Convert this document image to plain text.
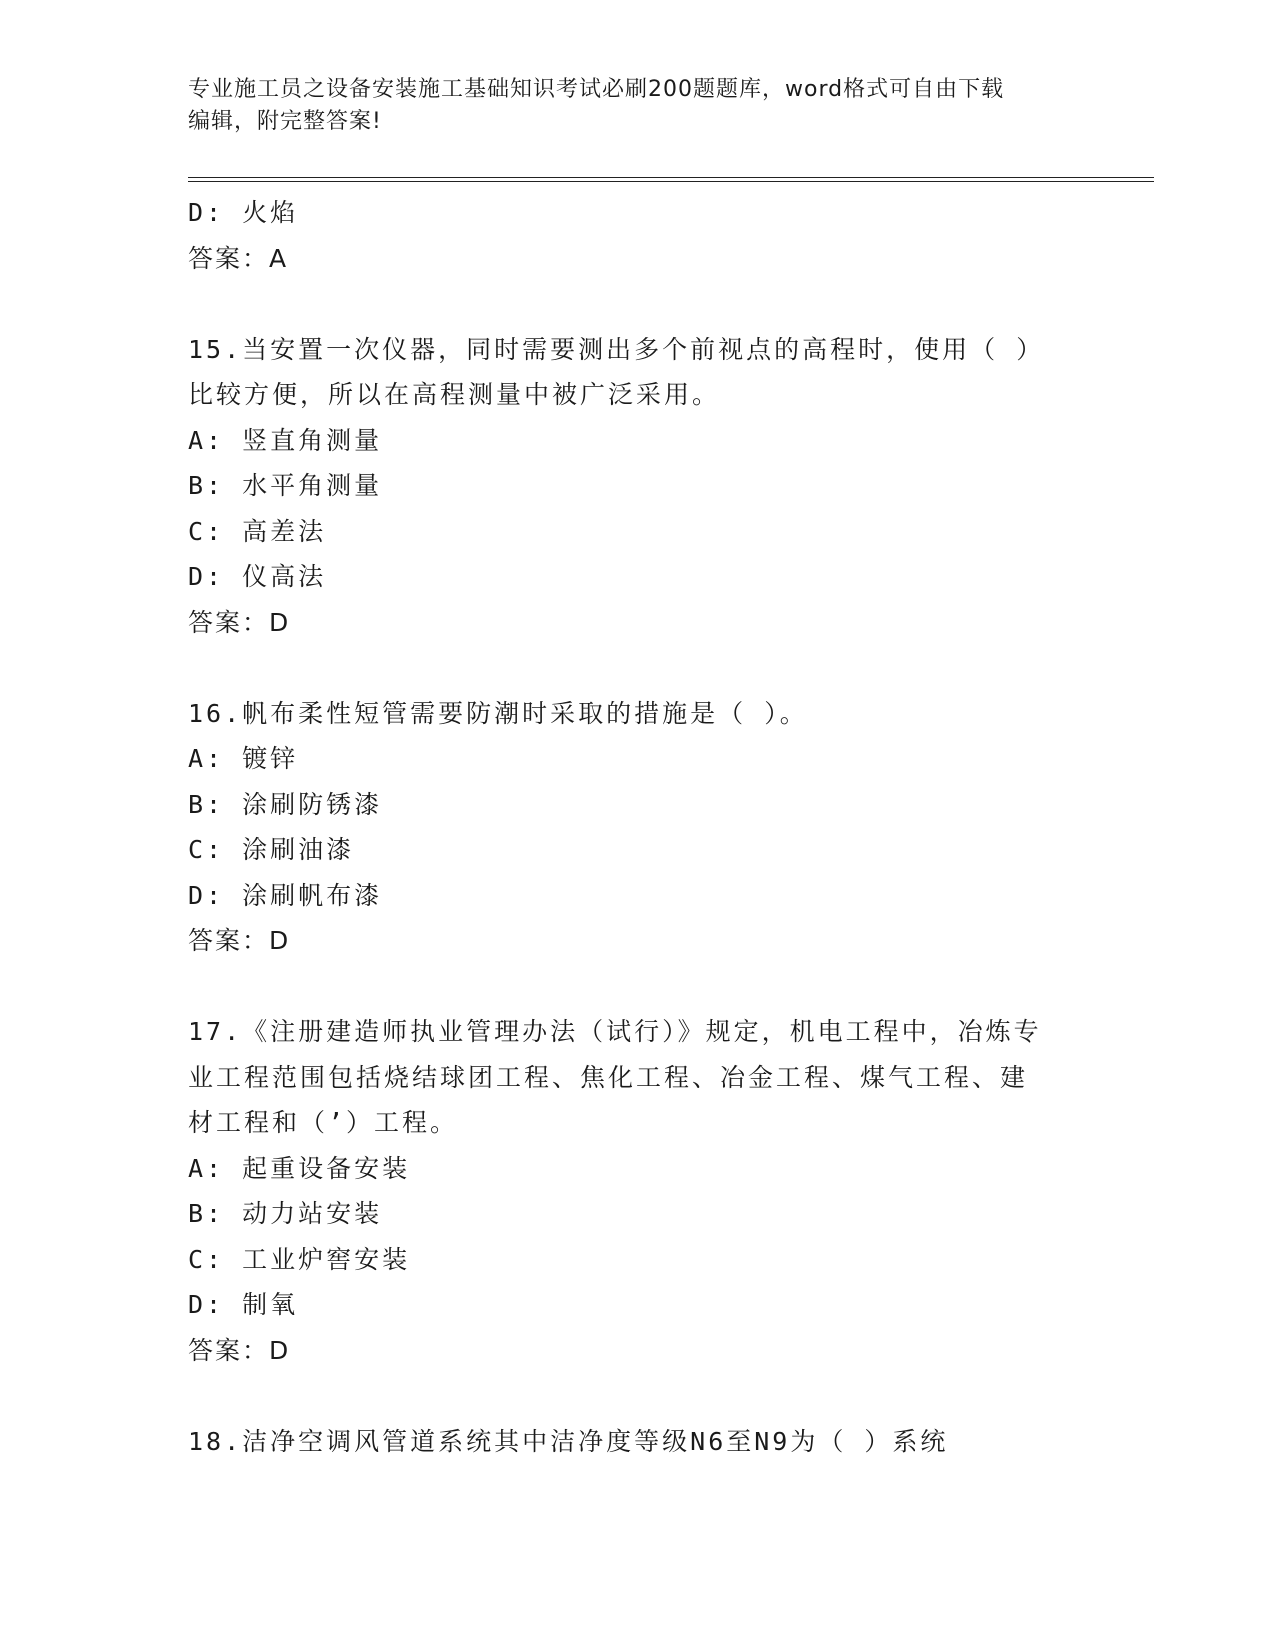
专业施工员之设备安装施工基础知识考试必刷200题题库，word格式可自由下载
编辑，附完整答案!
D: 火焰
答案：A
15.当安置一次仪器，同时需要测出多个前视点的高程时，使用（ ）
比较方便，所以在高程测量中被广泛采用。
A: 竖直角测量
B: 水平角测量
C: 高差法
D: 仪高法
答案：D
16.帆布柔性短管需要防潮时采取的措施是（ ）。
A: 镀锌
B: 涂刷防锈漆
C: 涂刷油漆
D: 涂刷帆布漆
答案：D
17.《注册建造师执业管理办法（试行）》规定，机电工程中，冶炼专
业工程范围包括烧结球团工程、焦化工程、冶金工程、煤气工程、建
材工程和（’）工程。
A: 起重设备安装
B: 动力站安装
C: 工业炉窖安装
D: 制氧
答案：D
18.洁净空调风管道系统其中洁净度等级N6至N9为（ ）系统
